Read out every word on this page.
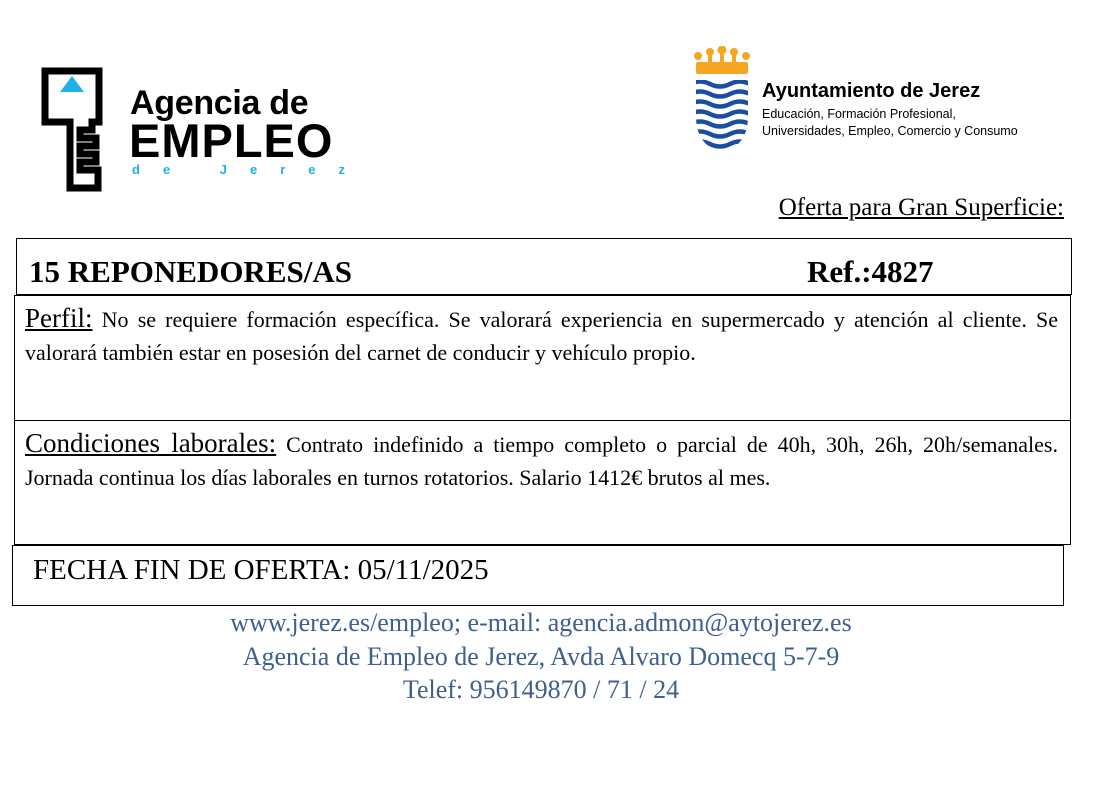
Agencia de
EMPLEO
de Jerez
Ayuntamiento de Jerez
Educación, Formación Profesional,
Universidades, Empleo, Comercio y Consumo
Oferta para Gran Superficie:
15 REPONEDORES/AS	Ref.:4827
Perfil: No se requiere formación específica. Se valorará experiencia en supermercado y atención al cliente. Se valorará también estar en posesión del carnet de conducir y vehículo propio.
Condiciones laborales: Contrato indefinido a tiempo completo o parcial de 40h, 30h, 26h, 20h/semanales. Jornada continua los días laborales en turnos rotatorios. Salario 1412€ brutos al mes.
FECHA FIN DE OFERTA: 05/11/2025
www.jerez.es/empleo; e-mail: agencia.admon@aytojerez.es
Agencia de Empleo de Jerez, Avda Alvaro Domecq 5-7-9
Telef: 956149870 / 71 / 24
